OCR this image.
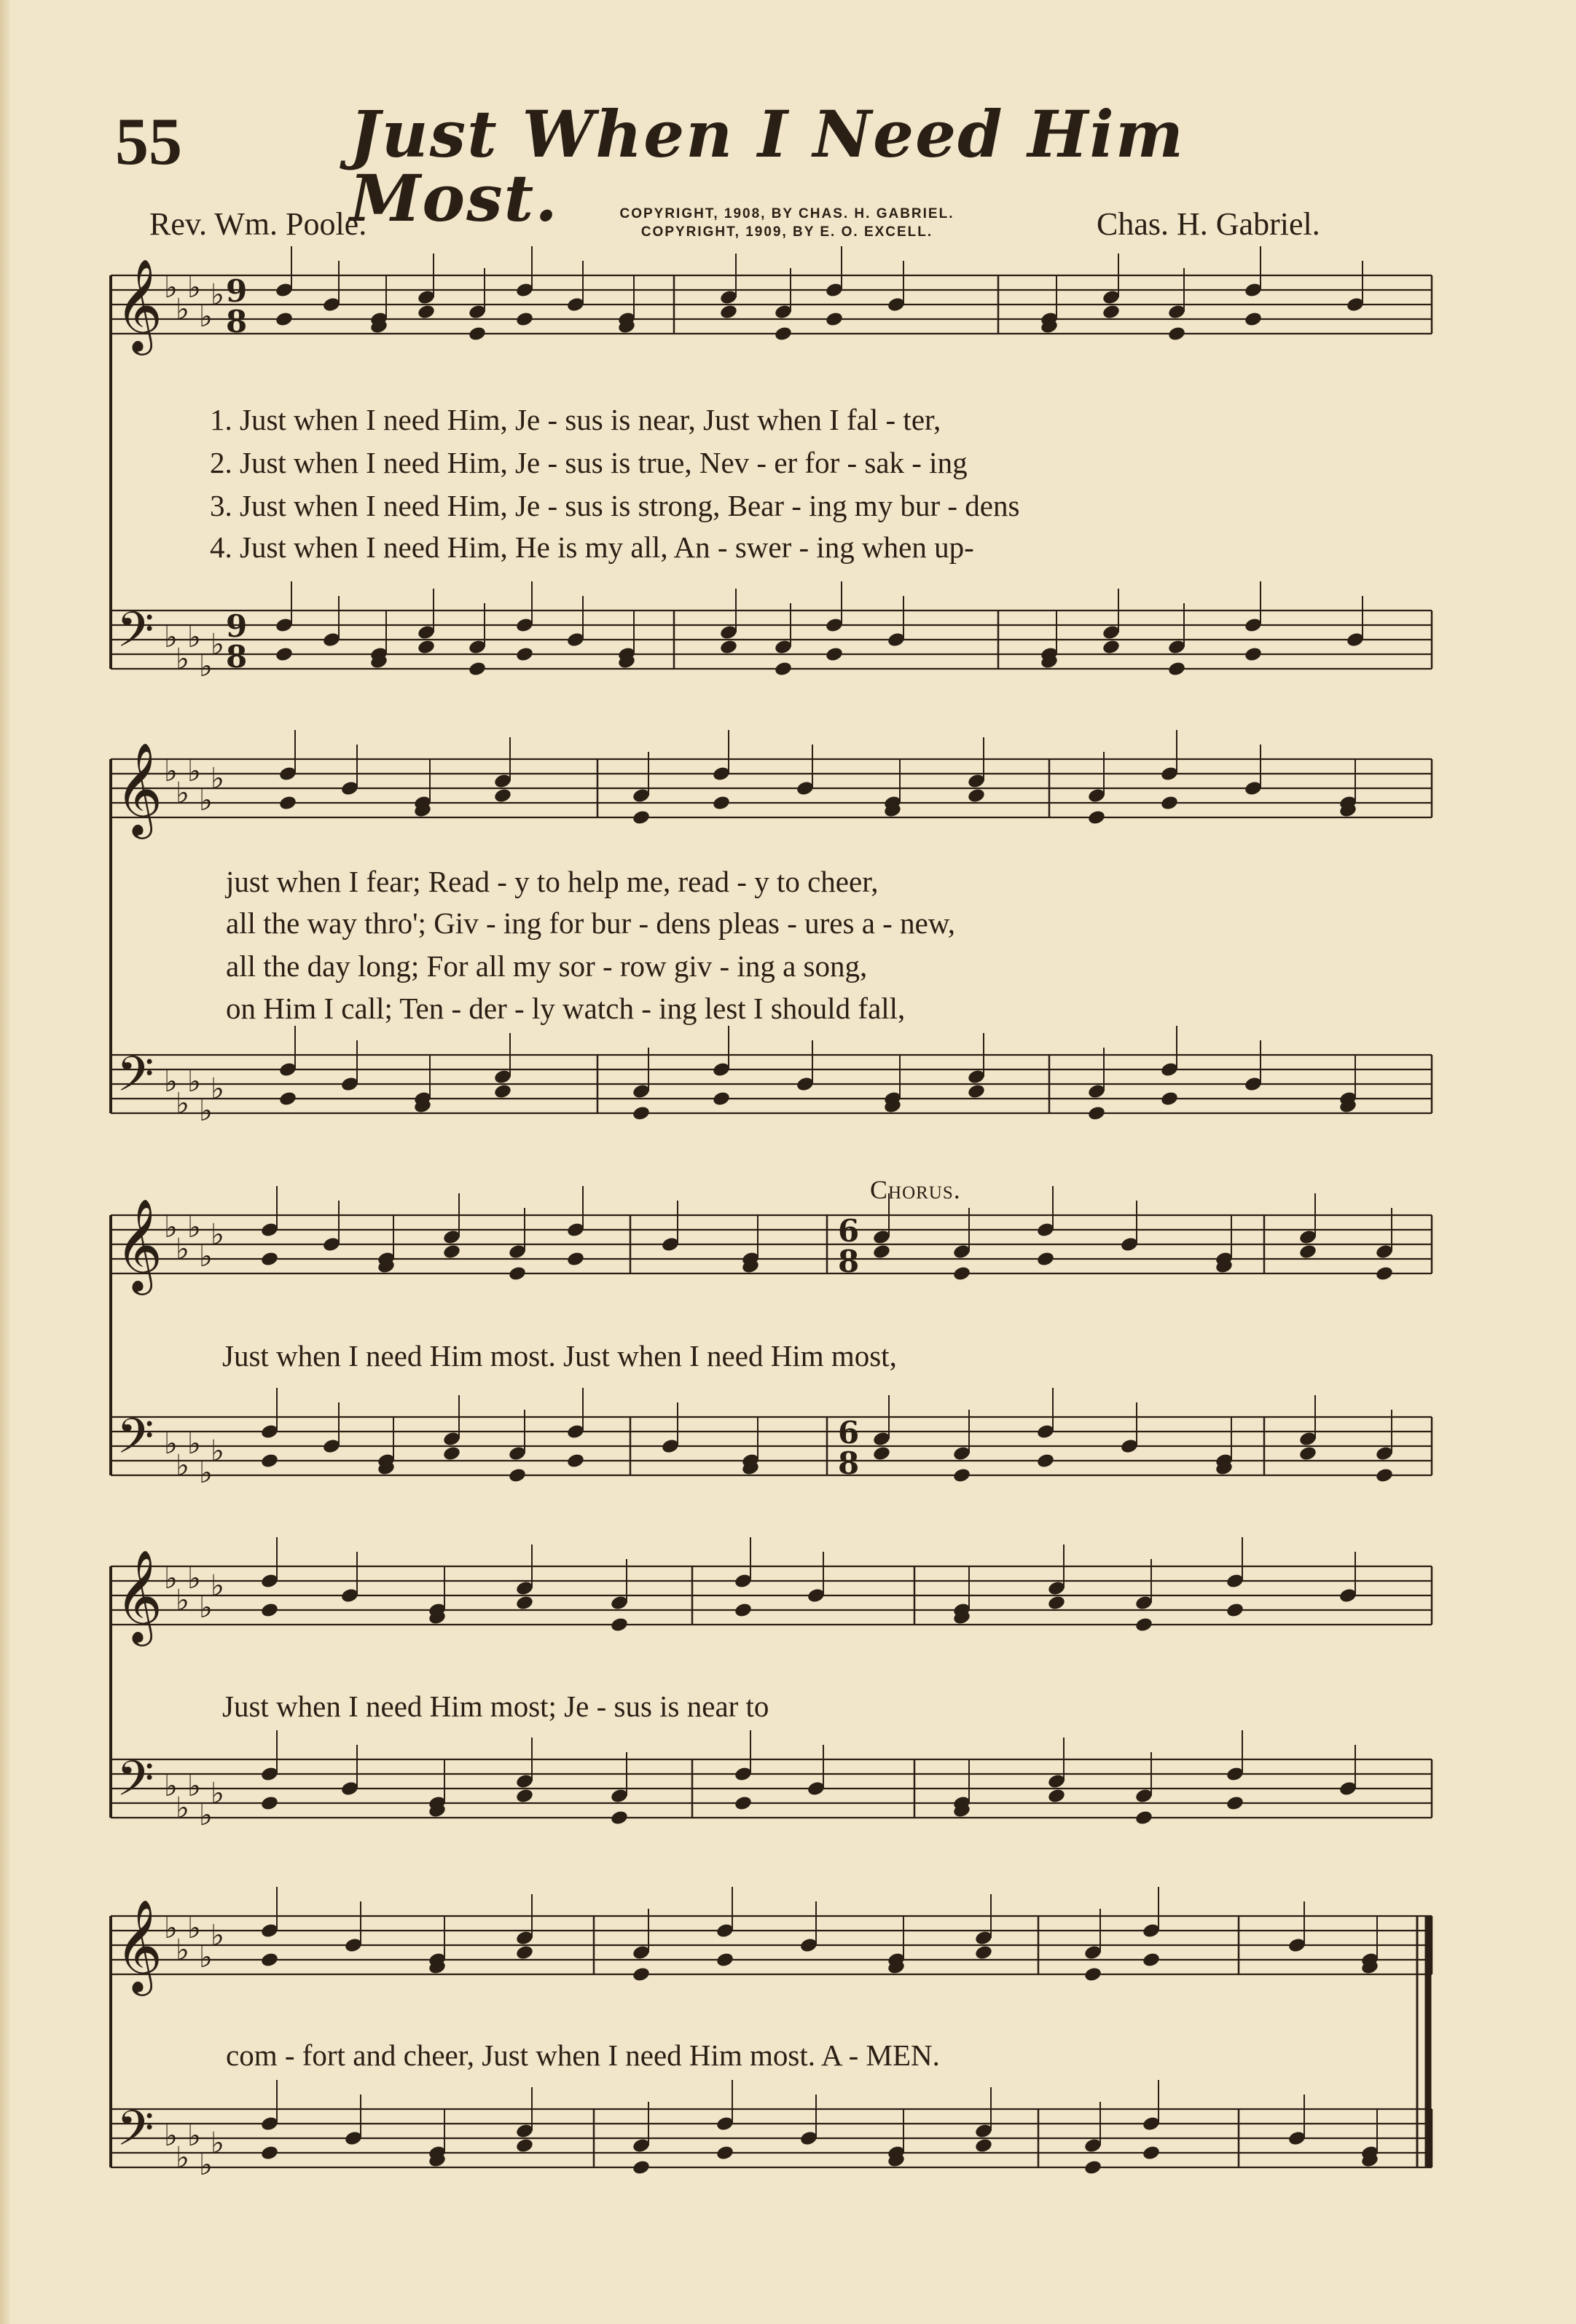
55	Just When I Need Him Most.
Rev. Wm. Poole.	COPYRIGHT, 1908, BY CHAS. H. GABRIEL.
COPYRIGHT, 1909, BY E. O. EXCELL.	Chas. H. Gabriel.
𝄞
𝄢
♭
♭
♭
♭
♭
♭
♭
♭
♭
♭
𝄞
𝄢
♭
♭
♭
♭
♭
♭
♭
♭
♭
♭
𝄞
𝄢
♭
♭
♭
♭
♭
♭
♭
♭
♭
♭
𝄞
𝄢
♭
♭
♭
♭
♭
♭
♭
♭
♭
♭
𝄞
𝄢
♭
♭
♭
♭
♭
♭
♭
♭
♭
♭
9
8
9
8
6
8
6
8
Chorus.
1. Just when I need Him, Je - sus is near, Just when I fal - ter,
2. Just when I need Him, Je - sus is true, Nev - er for - sak - ing
3. Just when I need Him, Je - sus is strong, Bear - ing my bur - dens
4. Just when I need Him, He is my all, An - swer - ing when up-
just when I fear; Read - y to help me, read - y to cheer,
all the way thro'; Giv - ing for bur - dens pleas - ures a - new,
all the day long; For all my sor - row giv - ing a song,
on Him I call; Ten - der - ly watch - ing lest I should fall,
Just when I need Him most. Just when I need Him most,
Just when I need Him most; Je - sus is near to
com - fort and cheer, Just when I need Him most. A - MEN.
